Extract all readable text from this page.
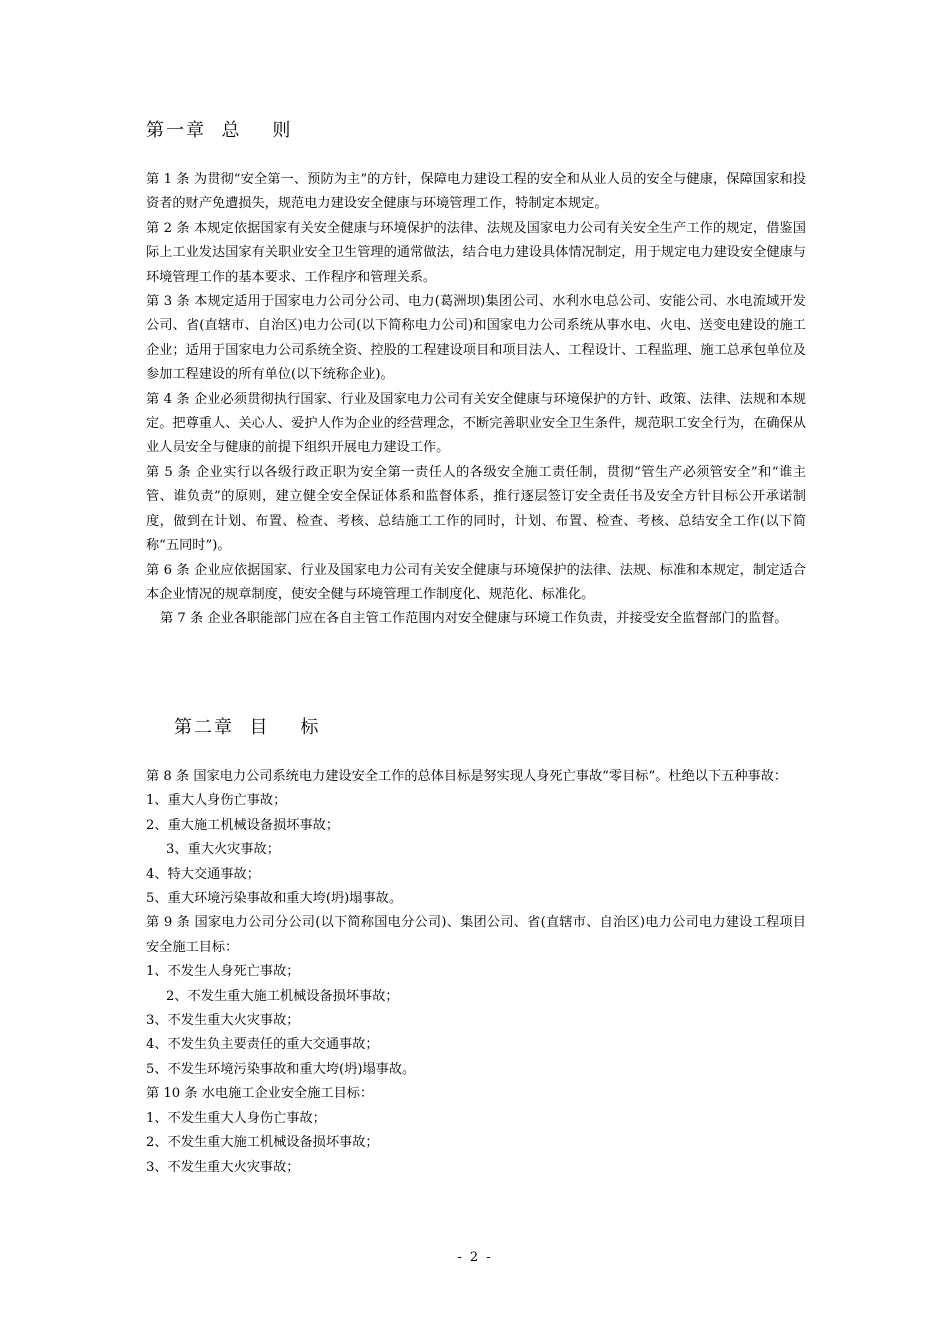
第一章  总    则

第 1 条 为贯彻“安全第一、预防为主”的方针，保障电力建设工程的安全和从业人员的安全与健康，保障国家和投资者的财产免遭损失，规范电力建设安全健康与环境管理工作，特制定本规定。

第 2 条 本规定依据国家有关安全健康与环境保护的法律、法规及国家电力公司有关安全生产工作的规定，借鉴国际上工业发达国家有关职业安全卫生管理的通常做法，结合电力建设具体情况制定，用于规定电力建设安全健康与环境管理工作的基本要求、工作程序和管理关系。

第 3 条 本规定适用于国家电力公司分公司、电力(葛洲坝)集团公司、水利水电总公司、安能公司、水电流域开发公司、省(直辖市、自治区)电力公司(以下简称电力公司)和国家电力公司系统从事水电、火电、送变电建设的施工企业；适用于国家电力公司系统全资、控股的工程建设项目和项目法人、工程设计、工程监理、施工总承包单位及参加工程建设的所有单位(以下统称企业)。

第 4 条 企业必须贯彻执行国家、行业及国家电力公司有关安全健康与环境保护的方针、政策、法律、法规和本规定。把尊重人、关心人、爱护人作为企业的经营理念，不断完善职业安全卫生条件，规范职工安全行为，在确保从业人员安全与健康的前提下组织开展电力建设工作。

第 5 条 企业实行以各级行政正职为安全第一责任人的各级安全施工责任制，贯彻“管生产必须管安全”和“谁主管、谁负责”的原则，建立健全安全保证体系和监督体系，推行逐层签订安全责任书及安全方针目标公开承诺制度，做到在计划、布置、检查、考核、总结施工工作的同时，计划、布置、检查、考核、总结安全工作(以下简称“五同时”)。

第 6 条 企业应依据国家、行业及国家电力公司有关安全健康与环境保护的法律、法规、标准和本规定，制定适合本企业情况的规章制度，使安全健与环境管理工作制度化、规范化、标准化。

第 7 条 企业各职能部门应在各自主管工作范围内对安全健康与环境工作负责，并接受安全监督部门的监督。

第二章  目    标

第 8 条 国家电力公司系统电力建设安全工作的总体目标是努实现人身死亡事故“零目标”。杜绝以下五种事故：

1、重大人身伤亡事故；

2、重大施工机械设备损坏事故；

3、重大火灾事故；

4、特大交通事故；

5、重大环境污染事故和重大垮(坍)塌事故。

第 9 条 国家电力公司分公司(以下简称国电分公司)、集团公司、省(直辖市、自治区)电力公司电力建设工程项目安全施工目标：

1、不发生人身死亡事故；

2、不发生重大施工机械设备损坏事故；

3、不发生重大火灾事故；

4、不发生负主要责任的重大交通事故；

5、不发生环境污染事故和重大垮(坍)塌事故。

第 10 条 水电施工企业安全施工目标：

1、不发生重大人身伤亡事故；

2、不发生重大施工机械设备损坏事故；

3、不发生重大火灾事故；

- 2 -
